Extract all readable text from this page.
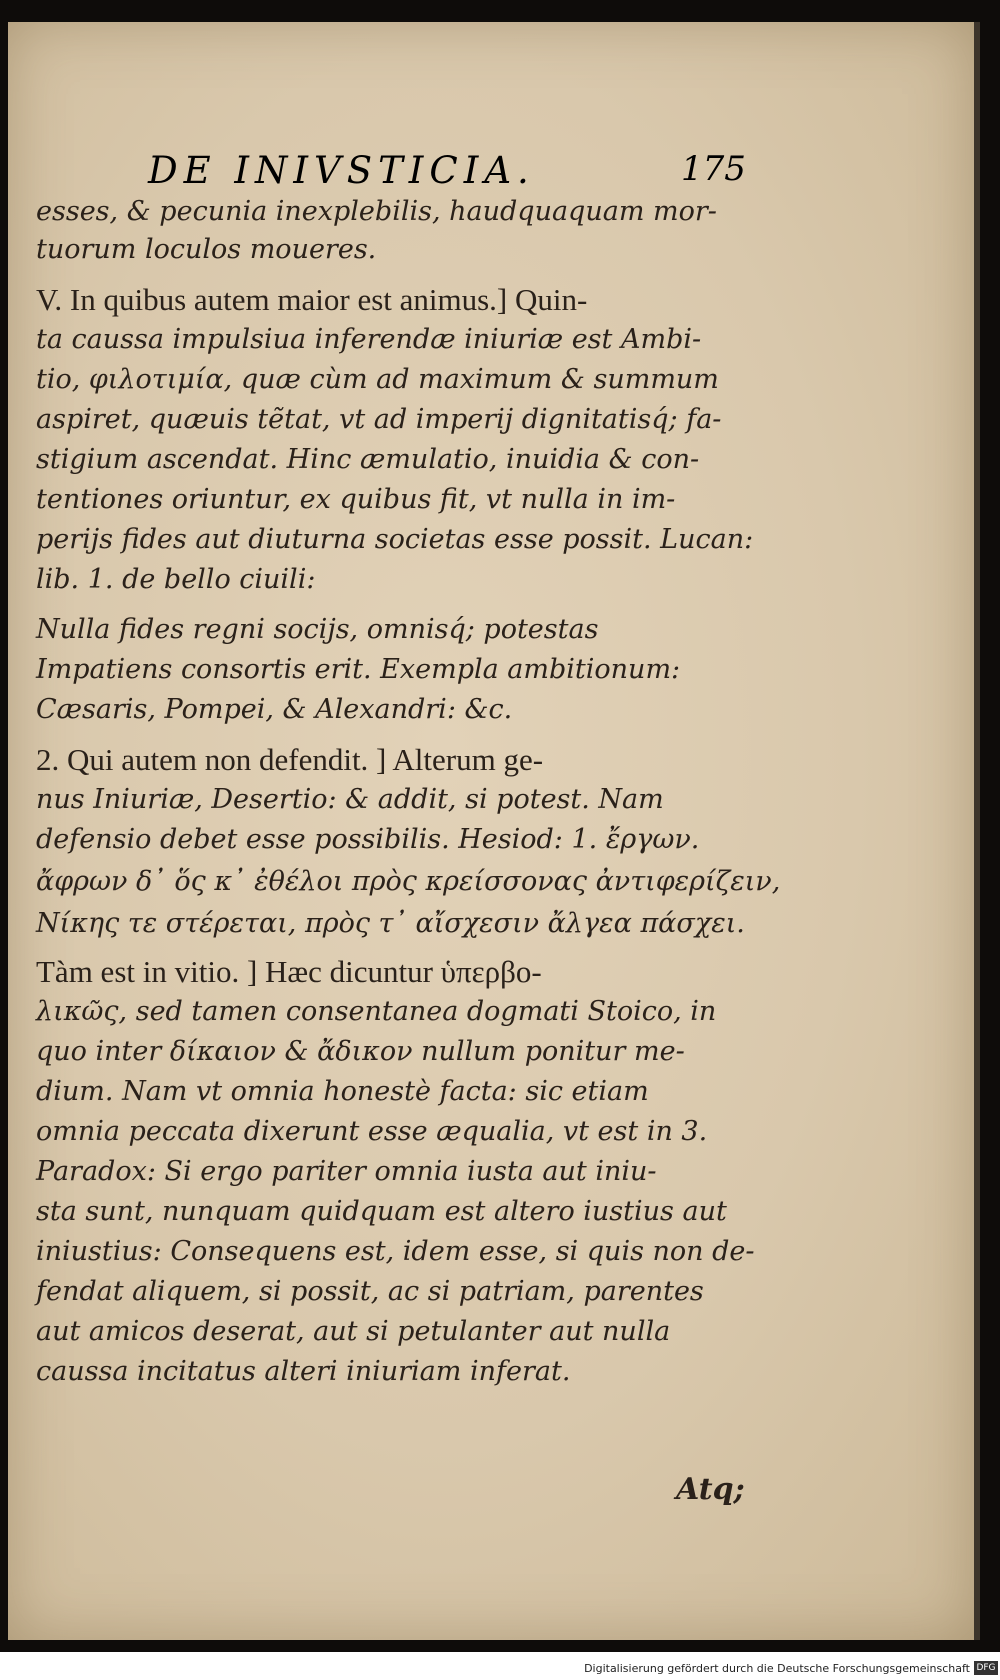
DE INIVSTICIA.	175
esses, & pecunia inexplebilis, haudquaquam mor-
tuorum loculos moueres.
V. In quibus autem maior est animus.] Quin-
ta caussa impulsiua inferendæ iniuriæ est Ambi-
tio, φιλοτιμία, quæ cùm ad maximum & summum
aspiret, quæuis tẽtat, vt ad imperij dignitatisq́; fa-
stigium ascendat. Hinc æmulatio, inuidia & con-
tentiones oriuntur, ex quibus fit, vt nulla in im-
perijs fides aut diuturna societas esse possit. Lucan:
lib. 1. de bello ciuili:
Nulla fides regni socijs, omnisq́; potestas
Impatiens consortis erit. Exempla ambitionum:
Cæsaris, Pompei, & Alexandri: &c.
2. Qui autem non defendit. ] Alterum ge-
nus Iniuriæ, Desertio: & addit, si potest. Nam
defensio debet esse possibilis. Hesiod: 1. ἔργων.
ἄφρων δ᾽ ὅς κ᾽ ἐθέλοι πρὸς κρείσσονας ἀντιφερίζειν,
Νίκης τε στέρεται, πρὸς τ᾽ αἴσχεσιν ἄλγεα πάσχει.
Tàm est in vitio. ] Hæc dicuntur ὑπερβο-
λικῶς, sed tamen consentanea dogmati Stoico, in
quo inter δίκαιον & ἄδικον nullum ponitur me-
dium. Nam vt omnia honestè facta: sic etiam
omnia peccata dixerunt esse æqualia, vt est in 3.
Paradox: Si ergo pariter omnia iusta aut iniu-
sta sunt, nunquam quidquam est altero iustius aut
iniustius: Consequens est, idem esse, si quis non de-
fendat aliquem, si possit, ac si patriam, parentes
aut amicos deserat, aut si petulanter aut nulla
caussa incitatus alteri iniuriam inferat.
Atq;
Digitalisierung gefördert durch die Deutsche Forschungsgemeinschaft DFG
